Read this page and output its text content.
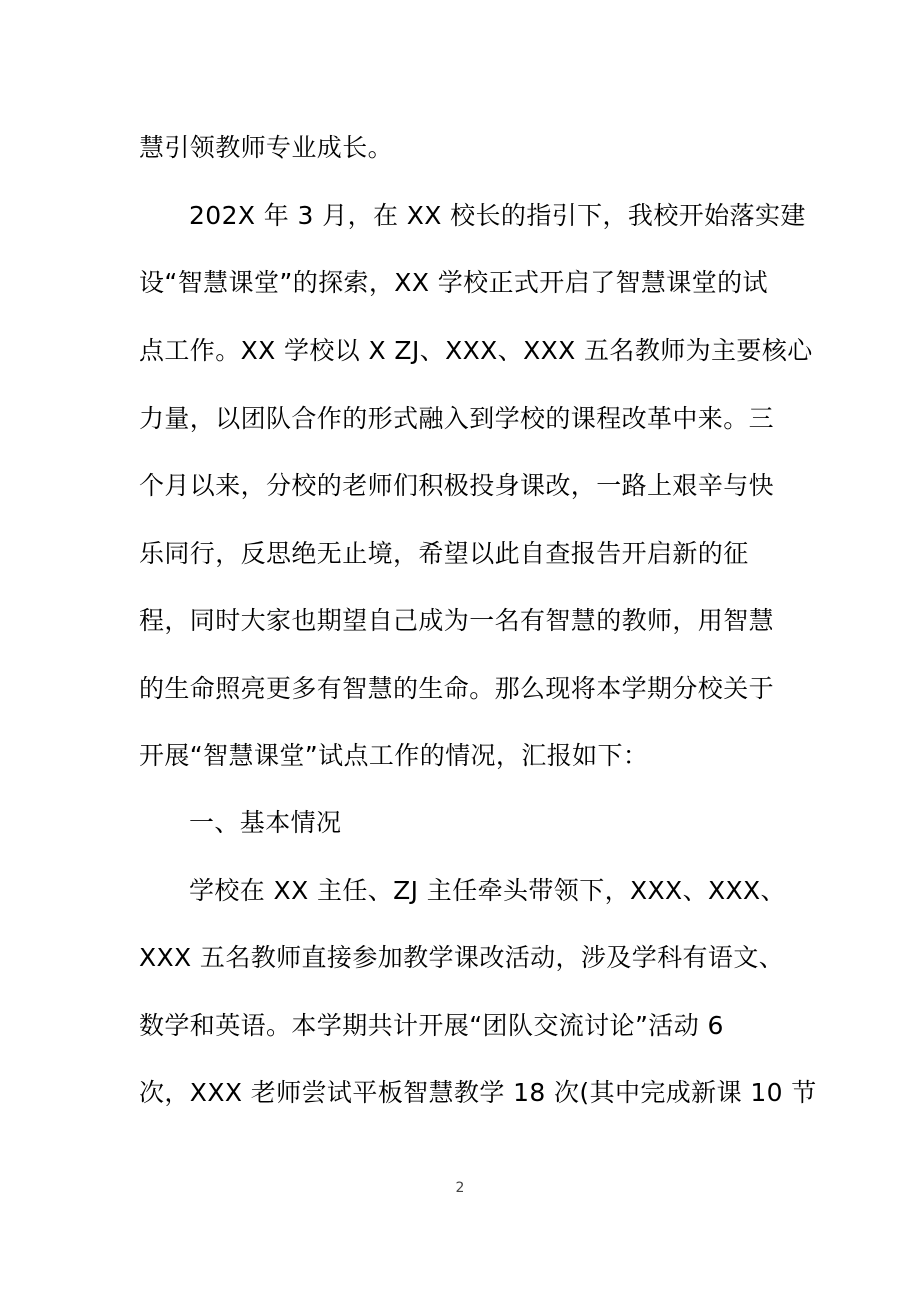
慧引领教师专业成长。
202X 年 3 月，在 XX 校长的指引下，我校开始落实建
设“智慧课堂”的探索，XX 学校正式开启了智慧课堂的试
点工作。XX 学校以 X ZJ、XXX、XXX 五名教师为主要核心
力量，以团队合作的形式融入到学校的课程改革中来。三
个月以来，分校的老师们积极投身课改，一路上艰辛与快
乐同行，反思绝无止境，希望以此自查报告开启新的征
程，同时大家也期望自己成为一名有智慧的教师，用智慧
的生命照亮更多有智慧的生命。那么现将本学期分校关于
开展“智慧课堂”试点工作的情况，汇报如下：
一、基本情况
学校在 XX 主任、ZJ 主任牵头带领下，XXX、XXX、
XXX 五名教师直接参加教学课改活动，涉及学科有语文、
数学和英语。本学期共计开展“团队交流讨论”活动 6
次，XXX 老师尝试平板智慧教学 18 次(其中完成新课 10 节
2
